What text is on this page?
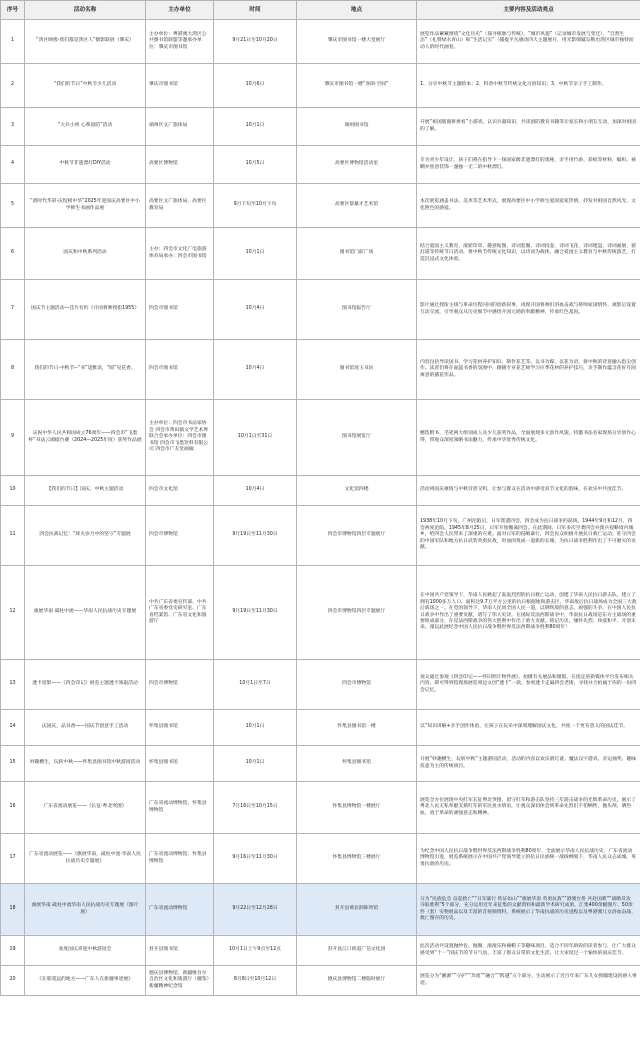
序号	活动名称	主办单位	时间	地点	主要内容及活动亮点
1	“湾区映像·我们都是湾区人”摄影联展（肇庆）	主办单位：粤港澳大湾区公共图书馆联盟等邀承办单位：肇庆市图书馆	9月21日至10月20日	肇庆市图书馆一楼大堂展厅	展览作品紧紧围绕“文化历史”（探寻根脉与传统）、“城市风貌”（记录城市发展与变迁）、“自然生态”（礼赞绿水青山）和“生活记实”（捕捉平凡感动四大主题展开，用光影细腻勾勒出湾区城市独特而动人的时代画卷。
2	“我们的节日”中秋节少儿活动	肇庆市图书馆	10月6日	肇庆市图书馆一楼“喜阅·空间”	1、分享中秋节主题绘本；2、科普中秋节传统文化习俗知识；3、中秋节亲子手工制作。
3	“大兵小将 心系国防”活动	端州区文广旅体局	10月1日	端州图书馆	开展“祖国版图拼拼看”小游戏，认识兵器知识，共读国防教育书籍等让家长和小朋友互动，加深对祖国的了解。
4	中秋节非遗漂灯DIY活动	高要区博物馆	10月5日	高要区博物馆活动室	专为青少年设计。孩子们将在指导下一探国家级非遗漂灯的奥秘，亲手用竹条、彩纸等材料，编织、裱糊并创意装饰一盏独一无二的中秋漂灯。
5	“谱时代华彩·庆绽榜中华”2025年迎国庆高要区中小学师生书画作品展	高要区文广旅体局、高要区教育局	9月下旬至10月下旬	高要区黎雄才艺术馆	本次展览涵盖书法、美术等艺术形式，展现高要区中小学师生爱国爱家热情，抒发对祖国自然风光、文化艳色的感爱。
6	国庆和中秋系列活动	主办：四会市文化广电旅游体育局承办：四会市图书馆	10月1日	图书馆门前广场	结合爱国主义教育，滚轮印章、趣意贴图、诗词套圈、诗词投壶、诗词飞花、诗词建盘、诗词画展、猜灯谜等传统节日活动，将中秋节传统文化知识，以诗词为载体，融合爱国主义教育与中秋传统游艺，打造沉浸式文化体验。
7	国庆节主题活动—佳片有约《开国将帅授衔1955》	四会市图书馆	10月4日	图书馆报告厅	影片通过授衔主线与革命历程闪回的创新叙事，再现开国将帅们浴血奋战与将帅家国情怀。观影后设置互动交流，引导观众从历史细节中感悟开国元勋的奉献精神，传承红色基因。
8	我们的节日·中秋节--“书”适雅读，“阅”见花香。	四会市图书馆	10月4日	图书馆瑶玉书坊	内容包括导读国书、学习花材养护知识、制作花艺等。以书为媒，以花为语，将中秋的诗意融入指尖创作。读者们将在氤氲书香的氛围中，跟随专业花艺师学习应季花材的养护技巧，亲手制作蕴含花好月圆寓意的插花作品。
9	庆祝中华人民共和国成立76周年——四会市“飞墨杯”书法云端擂台赛（2024—2025年度）获奖作品展	主办单位：四会市书法家协会 四会市黄田镇文学艺术界联合会承办单位：四会市图书馆 四会市飞墨饮料有限公司 四会市广友堂画廊	10月1日至31日	图书馆展览厅	精选楷书、毛笔两大组别成人及少儿获奖作品，全面展现多元创作风貌。特邀书法名家现场分享创作心得，带观众深度领略书法魅力，传承中华优秀传统文化。
10	【我们的节日】国庆、中秋主题活动	四会市文化馆	10月4日	文化馆四楼	活动将国庆豪情与中秋诗意交织，让参与群众在活动中感受双节文化的韵味，在欢乐中共度佳节。
11	四会抗战记忆：“烽火岁月中的坚守”专题展	四会市博物馆	9月19日至11月30日	四会市博物馆四层专题展厅	1938年10月下旬，广州沦陷后，日军派遣四会，四会成为抗日战争的前线。1944年9月和12月，四会两度沦陷。1945年8月25日，日军开始撤离四会。在此期间，日军多次空袭四会并派兵侵略境内城乡，给四会人民带来了深重的灾难。面对日军的侵略暴行，四会民众积极开展抗日救亡运动。驻守四会的中国军队和地方抗日武装英勇抗敌，用血肉筑成一道新的长城，为抗日战争胜利作出了不可磨灭的贡献。
12	旗展华南 砥柱中流——华南人民抗战历史专题展	中共广东省委宣传部、中共广东省委党史研究室、广东省档案馆、广东省文化和旅游厅	9月19日至11月30日	四会市博物馆四层专题展厅	在中国共产党领导下，华南人民掀起了轰轰烈烈的抗日救亡运动，创建了华南人民抗日游击队，建立了拥有1000多万人口、面积达9.7万平方公里的抗日根据地和游击区，华南敌后抗日战场成为全国三大敌后战场之一。在党的领导下，华南人民同全国人民一道，以钢铁般的意志，顽强的斗争，在中国人民抗日战争中作出了重要贡献，谱写了伟大史诗。在国际反法西斯战争中，华南抗日战场是东方主战场的重要组成部分，在反法西斯战争的伟大胜利中作出了重大贡献。铭记历史、缅怀先烈、珍爱和平、开创未来。谨以此展纪念中国人民抗日战争暨世界反法西斯战争胜利80周年！
13	透卡留影——《四会印记》展览主题透卡领取活动	四会市博物馆	10月1日至7日	四会市博物馆	观众通过参观《四会印记——怀旧照片物件展》，拍摄有关展品和图版，在指定的新媒体平台发布相关内容，即可得到馆现场展览周边文创“透卡”一款。参看透卡走遍四会老街，寻找并合拍属于你的一份四会记忆。
14	庆国庆，品书香——国庆节创意手工活动	怀集县图书馆	10月1日	怀集县图书馆一楼	以“知识讲解+亲手创作体验，让孩子在玩乐中深刻理解国庆文化，共度一个更有意义的国庆佳节。
15	妙趣横生，玩转中秋——怀集县图书馆中秋游园活动	怀集县图书馆	10月1日	怀集县图书馆	开展“妙趣横生，玩转中秋”主题游园活动，活动的内容以欢乐猜灯谜、魔法汉字游戏、亲运抽奖、趣味投壶为主的传统项目。
16	广东省流动展览——《长征·粤北突围》	广东省流动博物馆、怀集县博物馆	7月16日至10月15日	怀集县博物馆一楼展厅	展览全方位展现中央红军长征粤北突围，留守红军和游击队坚持三年游击战争的光辉革命历史，展示了粤北人民无私奉献支援红军的军民鱼水情谊，让观众深切体会到革命先烈们不怕牺牲，抛头颅、洒热血，勇于革命的顽强意志和精神。
17	广东省流动展览——《旗展华南，砥柱中流·华南人民抗战历史专题展》	广东省流动博物馆、怀集县博物馆	9月16日至11月30日	怀集县博物馆三楼展厅	为纪念中国人民抗日战争暨世界反法西斯战争胜利80周年，全面展示华南人民抗战历史，广东省流动博物馆引进，展览系统展示在中国共产党领导建立的抗日民族统一战线纲领下，华南人民众志成城，英勇抗敌的历史。
18	旗展华南 砥柱中流华南人民抗战历史专题展（图片展）	广东省流动博物馆	9月22日至12月28日	封开县黄岩洞陈列馆	分为“民族危急 奋起救亡”“日军暴行 铁证如山”“旗展华南 英勇抗敌”“港澳台侨 共赴国难”“战略反攻 夺取胜利”5个部分，充分运用近年来征集的文献资料和最新学术研究成果，汇集400余幅图片、50余件（套）实物展品以及丰富的音视频资料，系统展示了华南抗战的历史进程以及粤港澳儿女浴血奋战、救亡图存的历史。
19	欢度国庆喜迎中秋游园会	封开县图书馆	10月1日上午9点至12点	封开县江口街道广信文化园	此次活动共设置抛纱包、抛圈、滚滚乐和摘帽子等趣味项目，适合不同年龄段的读者参与，让广大群众感受到“十一”国庆节的节日气氛，丰富了群众日常的文化生活，让大家度过一个愉快的国庆佳节。
20	《在那遥远的地方——广东人在新疆事迹展》	德庆县博物馆、新疆维吾尔自治区文化和旅游厅（疆鉴）新疆精神纪念馆	8月8日至10月12日	德庆县博物馆二楼临时展厅	展览分为“湘源”“守护”“奔流”“融合”“跨越”五个部分，生动展示了近百年来广东儿女援疆建设的感人事迹。
